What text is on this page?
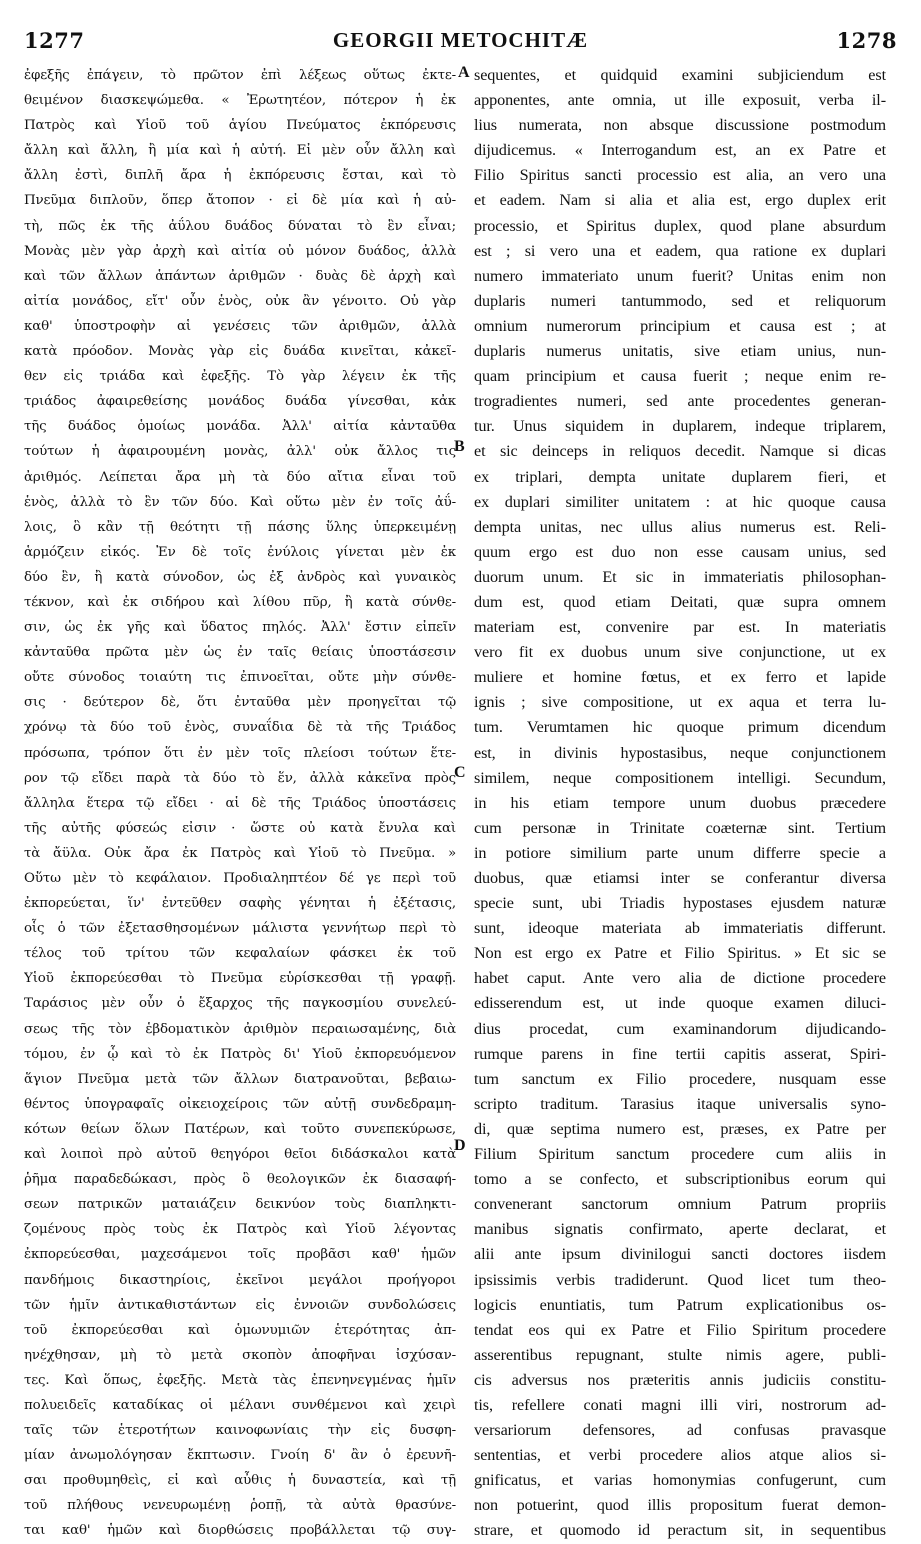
1277	GEORGII METOCHITÆ	1278
ἐφεξῆς ἐπάγειν, τὸ πρῶτον ἐπὶ λέξεως οὕτως ἐκτε-
θειμένον διασκεψώμεθα. « Ἐρωτητέον, πότερον ἡ ἐκ
Πατρὸς καὶ Υἱοῦ τοῦ ἁγίου Πνεύματος ἐκπόρευσις
ἄλλη καὶ ἄλλη, ἢ μία καὶ ἡ αὐτή. Εἰ μὲν οὖν ἄλλη καὶ
ἄλλη ἐστὶ, διπλῆ ἄρα ἡ ἐκπόρευσις ἔσται, καὶ τὸ
Πνεῦμα διπλοῦν, ὅπερ ἄτοπον · εἰ δὲ μία καὶ ἡ αὐ-
τὴ, πῶς ἐκ τῆς ἀΰλου δυάδος δύναται τὸ ἓν εἶναι;
Μονὰς μὲν γὰρ ἀρχὴ καὶ αἰτία οὐ μόνον δυάδος, ἀλλὰ
καὶ τῶν ἄλλων ἁπάντων ἀριθμῶν · δυὰς δὲ ἀρχὴ καὶ
αἰτία μονάδος, εἴτ' οὖν ἑνὸς, οὐκ ἂν γένοιτο. Οὐ γὰρ
καθ' ὑποστροφὴν αἱ γενέσεις τῶν ἀριθμῶν, ἀλλὰ
κατὰ πρόοδον. Μονὰς γὰρ εἰς δυάδα κινεῖται, κἀκεῖ-
θεν εἰς τριάδα καὶ ἐφεξῆς. Τὸ γὰρ λέγειν ἐκ τῆς
τριάδος ἀφαιρεθείσης μονάδος δυάδα γίνεσθαι, κἀκ
τῆς δυάδος ὁμοίως μονάδα. Ἀλλ' αἰτία κἀνταῦθα
τούτων ἡ ἀφαιρουμένη μονὰς, ἀλλ' οὐκ ἄλλος τις
ἀριθμός. Λείπεται ἄρα μὴ τὰ δύο αἴτια εἶναι τοῦ
ἑνὸς, ἀλλὰ τὸ ἓν τῶν δύο. Καὶ οὕτω μὲν ἐν τοῖς ἀΰ-
λοις, ὃ κἂν τῇ θεότητι τῇ πάσης ὕλης ὑπερκειμένῃ
ἁρμόζειν εἰκός. Ἐν δὲ τοῖς ἐνύλοις γίνεται μὲν ἐκ
δύο ἓν, ἢ κατὰ σύνοδον, ὡς ἐξ ἀνδρὸς καὶ γυναικὸς
τέκνον, καὶ ἐκ σιδήρου καὶ λίθου πῦρ, ἢ κατὰ σύνθε-
σιν, ὡς ἐκ γῆς καὶ ὕδατος πηλός. Ἀλλ' ἔστιν εἰπεῖν
κἀνταῦθα πρῶτα μὲν ὡς ἐν ταῖς θείαις ὑποστάσεσιν
οὔτε σύνοδος τοιαύτη τις ἐπινοεῖται, οὔτε μὴν σύνθε-
σις · δεύτερον δὲ, ὅτι ἐνταῦθα μὲν προηγεῖται τῷ
χρόνῳ τὰ δύο τοῦ ἑνὸς, συναΐδια δὲ τὰ τῆς Τριάδος
πρόσωπα, τρόπον ὅτι ἐν μὲν τοῖς πλείοσι τούτων ἕτε-
ρον τῷ εἴδει παρὰ τὰ δύο τὸ ἕν, ἀλλὰ κἀκεῖνα πρὸς
ἄλληλα ἕτερα τῷ εἴδει · αἱ δὲ τῆς Τριάδος ὑποστάσεις
τῆς αὐτῆς φύσεώς εἰσιν · ὥστε οὐ κατὰ ἔνυλα καὶ
τὰ ἄϋλα. Οὐκ ἄρα ἐκ Πατρὸς καὶ Υἱοῦ τὸ Πνεῦμα. »
Οὕτω μὲν τὸ κεφάλαιον. Προδιαληπτέον δέ γε περὶ τοῦ
ἐκπορεύεται, ἵν' ἐντεῦθεν σαφὴς γένηται ἡ ἐξέτασις,
οἷς ὁ τῶν ἐξετασθησομένων μάλιστα γεννήτωρ περὶ τὸ
τέλος τοῦ τρίτου τῶν κεφαλαίων φάσκει ἐκ τοῦ
Υἱοῦ ἐκπορεύεσθαι τὸ Πνεῦμα εὑρίσκεσθαι τῇ γραφῇ.
Ταράσιος μὲν οὖν ὁ ἔξαρχος τῆς παγκοσμίου συνελεύ-
σεως τῆς τὸν ἑβδοματικὸν ἀριθμὸν περαιωσαμένης, διὰ
τόμου, ἐν ᾧ καὶ τὸ ἐκ Πατρὸς δι' Υἱοῦ ἐκπορευόμενον
ἅγιον Πνεῦμα μετὰ τῶν ἄλλων διατρανοῦται, βεβαιω-
θέντος ὑπογραφαῖς οἰκειοχείροις τῶν αὐτῇ συνδεδραμη-
κότων θείων ὅλων Πατέρων, καὶ τοῦτο συνεπεκύρωσε,
καὶ λοιποὶ πρὸ αὐτοῦ θεηγόροι θεῖοι διδάσκαλοι κατὰ
ῥῆμα παραδεδώκασι, πρὸς ὃ θεολογικῶν ἐκ διασαφή-
σεων πατρικῶν ματαιάζειν δεικνύον τοὺς διαπληκτι-
ζομένους πρὸς τοὺς ἐκ Πατρὸς καὶ Υἱοῦ λέγοντας
ἐκπορεύεσθαι, μαχεσάμενοι τοῖς προβᾶσι καθ' ἡμῶν
πανδήμοις δικαστηρίοις, ἐκεῖνοι μεγάλοι προήγοροι
τῶν ἡμῖν ἀντικαθιστάντων εἰς ἐννοιῶν συνδολώσεις
τοῦ ἐκπορεύεσθαι καὶ ὁμωνυμιῶν ἑτερότητας ἀπ-
ηνέχθησαν, μὴ τὸ μετὰ σκοπὸν ἀποφῆναι ἰσχύσαν-
τες. Καὶ ὅπως, ἐφεξῆς. Μετὰ τὰς ἐπενηνεγμένας ἡμῖν
πολυειδεῖς καταδίκας οἱ μέλανι συνθέμενοι καὶ χειρὶ
ταῖς τῶν ἑτεροτήτων καινοφωνίαις τὴν εἰς δυσφη-
μίαν ἀνωμολόγησαν ἔκπτωσιν. Γνοίη δ' ἂν ὁ ἐρευνῆ-
σαι προθυμηθεὶς, εἰ καὶ αὖθις ἡ δυναστεία, καὶ τῇ
τοῦ πλήθους νενευρωμένῃ ῥοπῇ, τὰ αὐτὰ θρασύνε-
ται καθ' ἡμῶν καὶ διορθώσεις προβάλλεται τῷ συγ-
sequentes, et quidquid examini subjiciendum est
apponentes, ante omnia, ut ille exposuit, verba il-
lius numerata, non absque discussione postmodum
dijudicemus. « Interrogandum est, an ex Patre et
Filio Spiritus sancti processio est alia, an vero una
et eadem. Nam si alia et alia est, ergo duplex erit
processio, et Spiritus duplex, quod plane absurdum
est ; si vero una et eadem, qua ratione ex duplari
numero immateriato unum fuerit? Unitas enim non
duplaris numeri tantummodo, sed et reliquorum
omnium numerorum principium et causa est ; at
duplaris numerus unitatis, sive etiam unius, nun-
quam principium et causa fuerit ; neque enim re-
trogradientes numeri, sed ante procedentes generan-
tur. Unus siquidem in duplarem, indeque triplarem,
et sic deinceps in reliquos decedit. Namque si dicas
ex triplari, dempta unitate duplarem fieri, et
ex duplari similiter unitatem : at hic quoque causa
dempta unitas, nec ullus alius numerus est. Reli-
quum ergo est duo non esse causam unius, sed
duorum unum. Et sic in immateriatis philosophan-
dum est, quod etiam Deitati, quæ supra omnem
materiam est, convenire par est. In materiatis
vero fit ex duobus unum sive conjunctione, ut ex
muliere et homine fœtus, et ex ferro et lapide
ignis ; sive compositione, ut ex aqua et terra lu-
tum. Verumtamen hic quoque primum dicendum
est, in divinis hypostasibus, neque conjunctionem
similem, neque compositionem intelligi. Secundum,
in his etiam tempore unum duobus præcedere
cum personæ in Trinitate coæternæ sint. Tertium
in potiore similium parte unum differre specie a
duobus, quæ etiamsi inter se conferantur diversa
specie sunt, ubi Triadis hypostases ejusdem naturæ
sunt, ideoque materiata ab immateriatis differunt.
Non est ergo ex Patre et Filio Spiritus. » Et sic se
habet caput. Ante vero alia de dictione procedere
edisserendum est, ut inde quoque examen diluci-
dius procedat, cum examinandorum dijudicando-
rumque parens in fine tertii capitis asserat, Spiri-
tum sanctum ex Filio procedere, nusquam esse
scripto traditum. Tarasius itaque universalis syno-
di, quæ septima numero est, præses, ex Patre per
Filium Spiritum sanctum procedere cum aliis in
tomo a se confecto, et subscriptionibus eorum qui
convenerant sanctorum omnium Patrum propriis
manibus signatis confirmato, aperte declarat, et
alii ante ipsum divinilogui sancti doctores iisdem
ipsissimis verbis tradiderunt. Quod licet tum theo-
logicis enuntiatis, tum Patrum explicationibus os-
tendat eos qui ex Patre et Filio Spiritum procedere
asserentibus repugnant, stulte nimis agere, publi-
cis adversus nos præteritis annis judiciis constitu-
tis, refellere conati magni illi viri, nostrorum ad-
versariorum defensores, ad confusas pravasque
sententias, et verbi procedere alios atque alios si-
gnificatus, et varias homonymias confugerunt, cum
non potuerint, quod illis propositum fuerat demon-
strare, et quomodo id peractum sit, in sequentibus
A
B
C
D
